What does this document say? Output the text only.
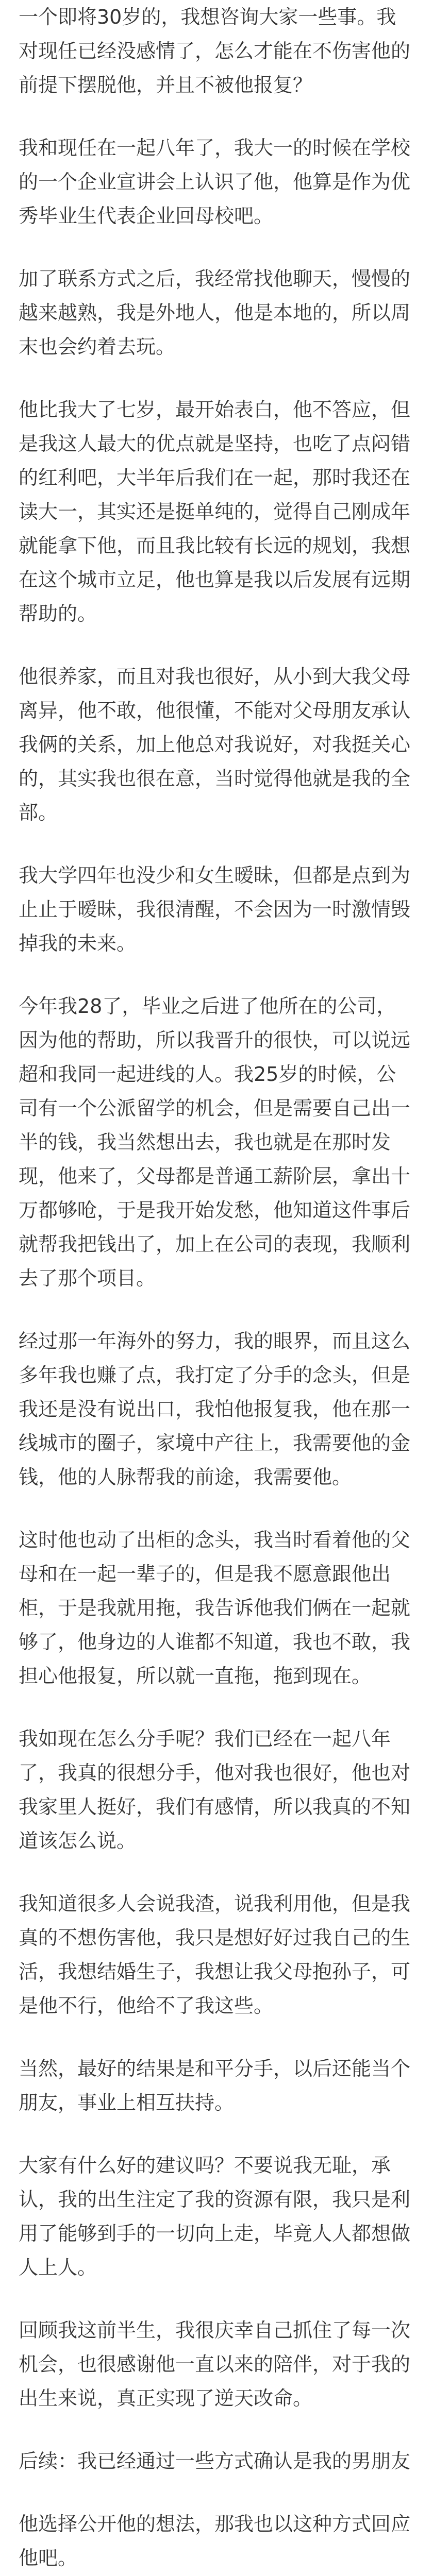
一个即将30岁的，我想咨询大家一些事。我对现任已经没感情了，怎么才能在不伤害他的前提下摆脱他，并且不被他报复？

我和现任在一起八年了，我大一的时候在学校的一个企业宣讲会上认识了他，他算是作为优秀毕业生代表企业回母校吧。

加了联系方式之后，我经常找他聊天，慢慢的越来越熟，我是外地人，他是本地的，所以周末也会约着去玩。

他比我大了七岁，最开始表白，他不答应，但是我这人最大的优点就是坚持，也吃了点闷错的红利吧，大半年后我们在一起，那时我还在读大一，其实还是挺单纯的，觉得自己刚成年就能拿下他，而且我比较有长远的规划，我想在这个城市立足，他也算是我以后发展有远期帮助的。

他很养家，而且对我也很好，从小到大我父母离异，他不敢，他很懂，不能对父母朋友承认我俩的关系，加上他总对我说好，对我挺关心的，其实我也很在意，当时觉得他就是我的全部。

我大学四年也没少和女生暧昧，但都是点到为止止于暧昧，我很清醒，不会因为一时激情毁掉我的未来。

今年我28了，毕业之后进了他所在的公司，因为他的帮助，所以我晋升的很快，可以说远超和我同一起进线的人。我25岁的时候，公司有一个公派留学的机会，但是需要自己出一半的钱，我当然想出去，我也就是在那时发现，他来了，父母都是普通工薪阶层，拿出十万都够呛，于是我开始发愁，他知道这件事后就帮我把钱出了，加上在公司的表现，我顺利去了那个项目。

经过那一年海外的努力，我的眼界，而且这么多年我也赚了点，我打定了分手的念头，但是我还是没有说出口，我怕他报复我，他在那一线城市的圈子，家境中产往上，我需要他的金钱，他的人脉帮我的前途，我需要他。

这时他也动了出柜的念头，我当时看着他的父母和在一起一辈子的，但是我不愿意跟他出柜，于是我就用拖，我告诉他我们俩在一起就够了，他身边的人谁都不知道，我也不敢，我担心他报复，所以就一直拖，拖到现在。

我如现在怎么分手呢？我们已经在一起八年了，我真的很想分手，他对我也很好，他也对我家里人挺好，我们有感情，所以我真的不知道该怎么说。

我知道很多人会说我渣，说我利用他，但是我真的不想伤害他，我只是想好好过我自己的生活，我想结婚生子，我想让我父母抱孙子，可是他不行，他给不了我这些。

当然，最好的结果是和平分手，以后还能当个朋友，事业上相互扶持。

大家有什么好的建议吗？不要说我无耻，承认，我的出生注定了我的资源有限，我只是利用了能够到手的一切向上走，毕竟人人都想做人上人。

回顾我这前半生，我很庆幸自己抓住了每一次机会，也很感谢他一直以来的陪伴，对于我的出生来说，真正实现了逆天改命。

后续：我已经通过一些方式确认是我的男朋友

他选择公开他的想法，那我也以这种方式回应他吧。
